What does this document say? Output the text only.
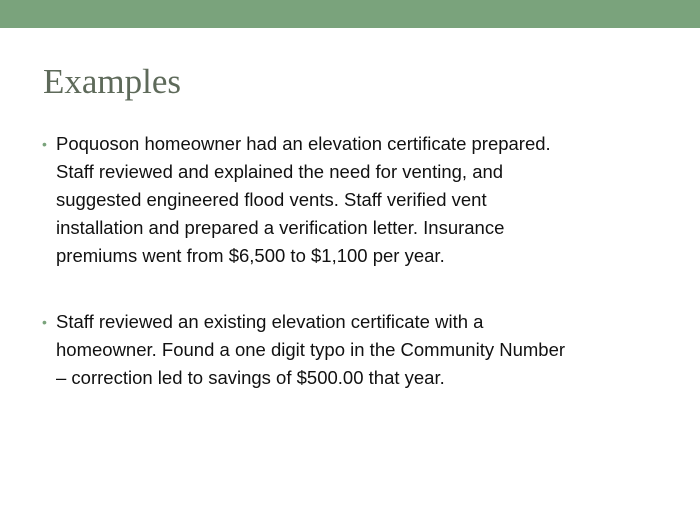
Examples
• Poquoson homeowner had an elevation certificate prepared.
Staff reviewed and explained the need for venting, and
suggested engineered flood vents. Staff verified vent
installation and prepared a verification letter. Insurance
premiums went from $6,500 to $1,100 per year.
• Staff reviewed an existing elevation certificate with a
homeowner. Found a one digit typo in the Community Number
– correction led to savings of $500.00 that year.
